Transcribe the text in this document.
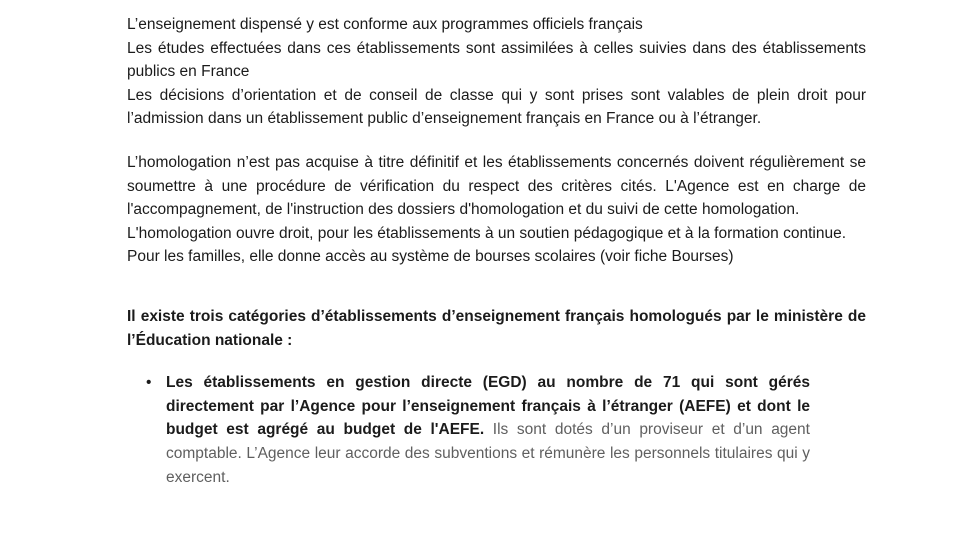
L’enseignement dispensé y est conforme aux programmes officiels français

Les études effectuées dans ces établissements sont assimilées à celles suivies dans des établissements publics en France

Les décisions d’orientation et de conseil de classe qui y sont prises sont valables de plein droit pour l’admission dans un établissement public d’enseignement français en France ou à l’étranger.

L’homologation n’est pas acquise à titre définitif et les établissements concernés doivent régulièrement se soumettre à une procédure de vérification du respect des critères cités. L'Agence est en charge de l'accompagnement, de l'instruction des dossiers d'homologation et du suivi de cette homologation.

L'homologation ouvre droit, pour les établissements à un soutien pédagogique et à la formation continue.

Pour les familles, elle donne accès au système de bourses scolaires (voir fiche Bourses)

Il existe trois catégories d’établissements d’enseignement français homologués par le ministère de l’Éducation nationale :

• Les établissements en gestion directe (EGD) au nombre de 71 qui sont gérés directement par l’Agence pour l’enseignement français à l’étranger (AEFE) et dont le budget est agrégé au budget de l'AEFE. Ils sont dotés d’un proviseur et d’un agent comptable. L’Agence leur accorde des subventions et rémunère les personnels titulaires qui y exercent.
